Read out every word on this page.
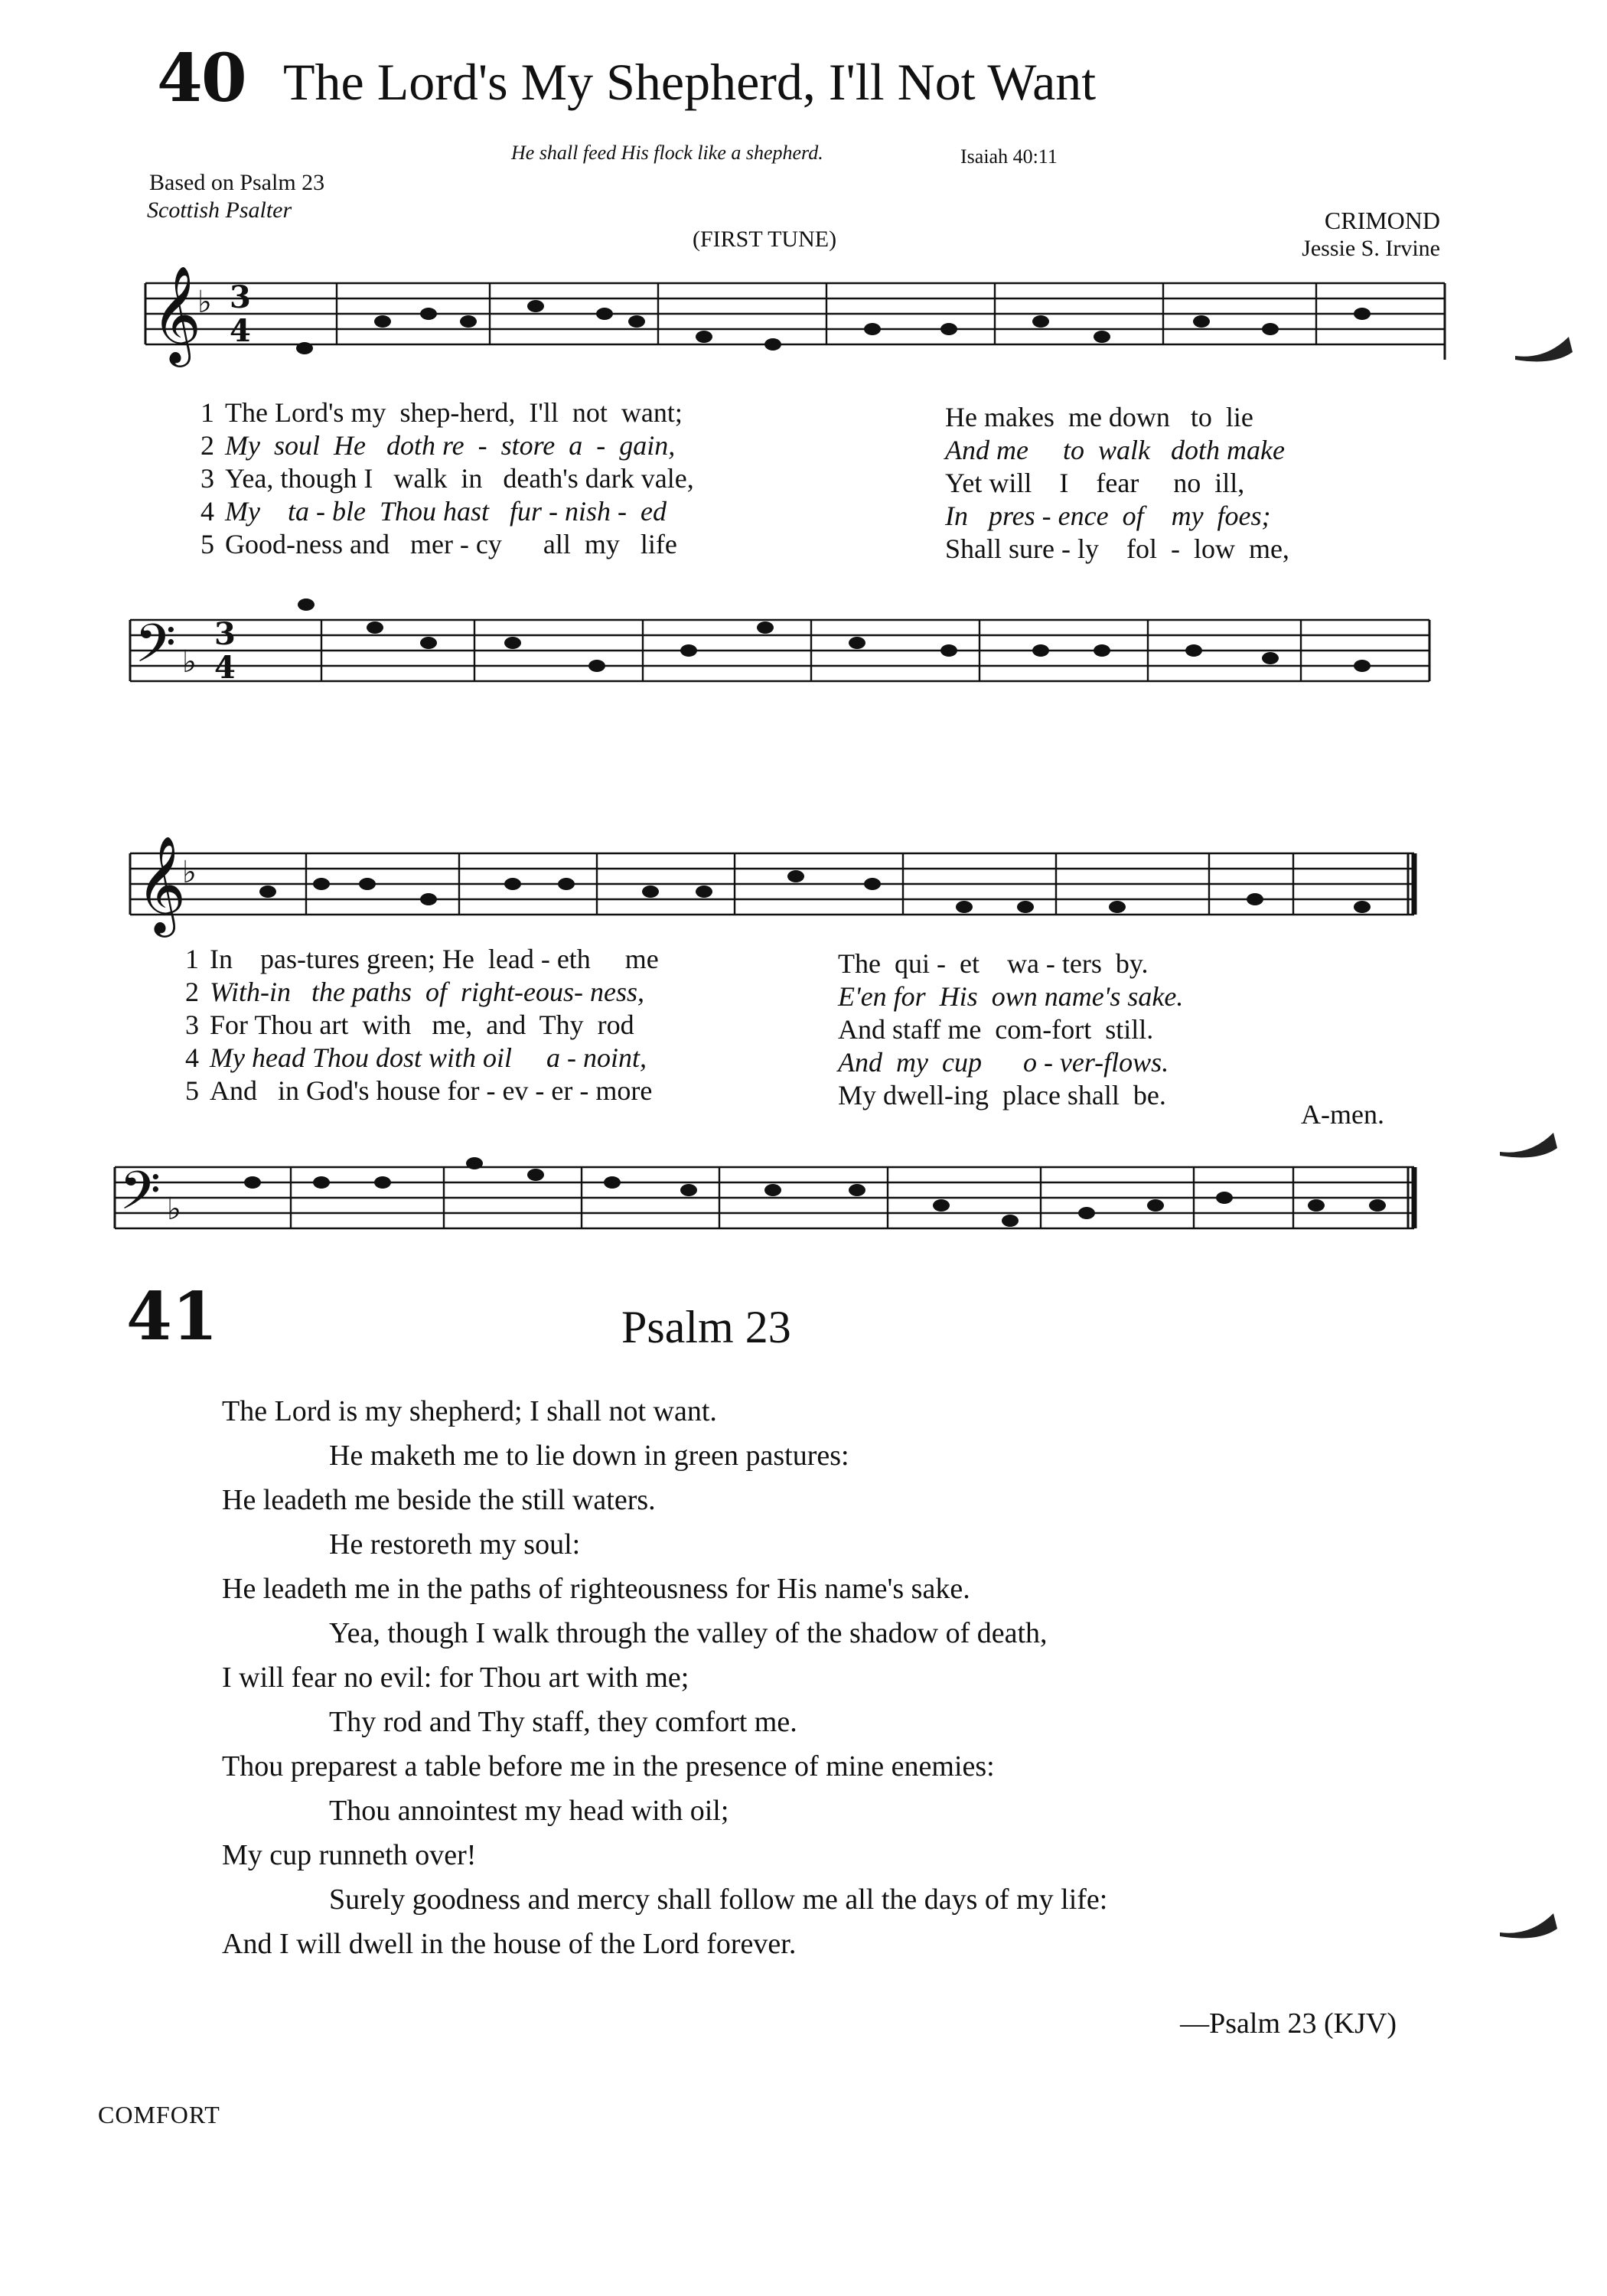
40 The Lord's My Shepherd, I'll Not Want
He shall feed His flock like a shepherd.	Isaiah 40:11
Based on Psalm 23
Scottish Psalter
(FIRST TUNE)
CRIMOND
Jessie S. Irvine
𝄞
♭ 3
4
𝄢 ♭
3
4
𝄞
♭
𝄢 ♭
1 The Lord's my  shep-herd,  I'll  not  want;
2 My  soul  He   doth re  -  store  a  -  gain,
3 Yea, though I   walk  in   death's dark vale,
4 My    ta - ble  Thou hast   fur - nish -  ed
5 Good-ness and   mer - cy      all  my   life
He makes  me down   to  lie
And me     to  walk   doth make
Yet will    I    fear     no  ill,
In   pres - ence  of    my  foes;
Shall sure - ly    fol  -  low  me,
1 In    pas-tures green; He  lead - eth     me
2 With-in   the paths  of  right-eous- ness,
3 For Thou art  with   me,  and  Thy  rod
4 My head Thou dost with oil     a - noint,
5 And   in God's house for - ev - er - more
The  qui -  et    wa - ters  by.
E'en for  His  own name's sake.
And staff me  com-fort  still.
And  my  cup      o - ver-flows.
My dwell-ing  place shall  be.
A-men.
41	Psalm 23
The Lord is my shepherd; I shall not want.
He maketh me to lie down in green pastures:
He leadeth me beside the still waters.
He restoreth my soul:
He leadeth me in the paths of righteousness for His name's sake.
Yea, though I walk through the valley of the shadow of death,
I will fear no evil: for Thou art with me;
Thy rod and Thy staff, they comfort me.
Thou preparest a table before me in the presence of mine enemies:
Thou annointest my head with oil;
My cup runneth over!
Surely goodness and mercy shall follow me all the days of my life:
And I will dwell in the house of the Lord forever.
—Psalm 23 (KJV)
COMFORT
